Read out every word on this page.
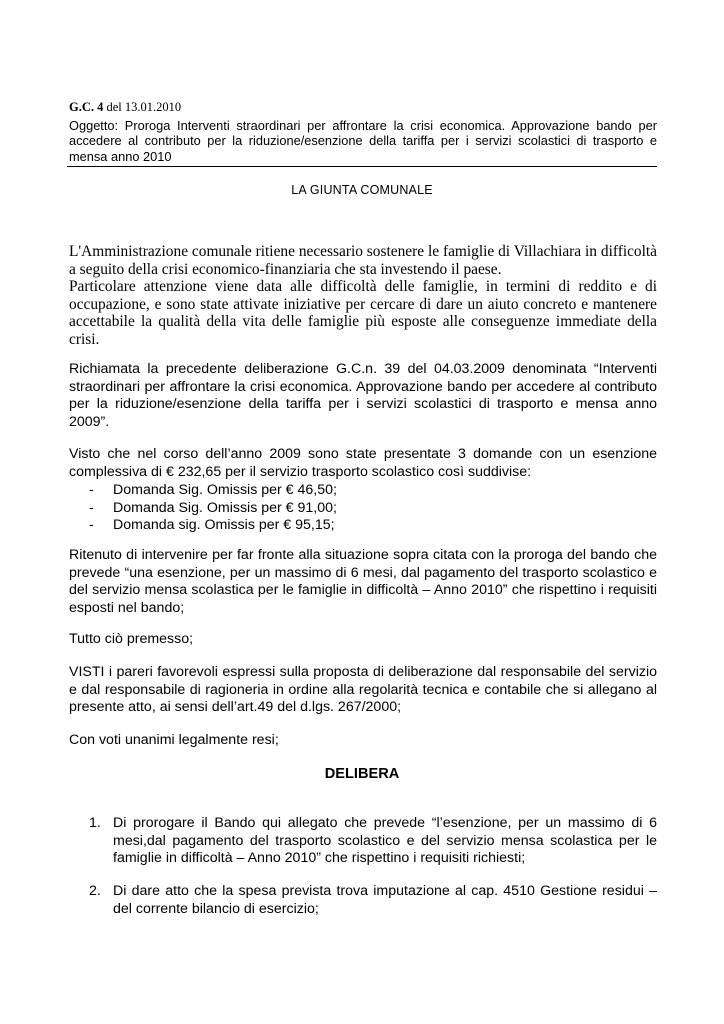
G.C. 4 del 13.01.2010
Oggetto: Proroga Interventi straordinari per affrontare la crisi economica. Approvazione bando per accedere al contributo per la riduzione/esenzione della tariffa per i servizi scolastici di trasporto e mensa anno 2010
LA GIUNTA COMUNALE
L'Amministrazione comunale ritiene necessario sostenere le famiglie di Villachiara in difficoltà a seguito della crisi economico-finanziaria che sta investendo il paese.
Particolare attenzione viene data alle difficoltà delle famiglie, in termini di reddito e di occupazione, e sono state attivate iniziative per cercare di dare un aiuto concreto e mantenere accettabile la qualità della vita delle famiglie più esposte alle conseguenze immediate della crisi.
Richiamata la precedente deliberazione G.C.n. 39 del 04.03.2009 denominata “Interventi straordinari per affrontare la crisi economica. Approvazione bando per accedere al contributo per la riduzione/esenzione della tariffa per i servizi scolastici di trasporto e mensa anno 2009”.
Visto che nel corso dell’anno 2009 sono state presentate 3 domande con un esenzione complessiva di € 232,65 per il servizio trasporto scolastico così suddivise:
- Domanda Sig. Omissis per € 46,50;
- Domanda Sig. Omissis per € 91,00;
- Domanda sig. Omissis per € 95,15;
Ritenuto di intervenire per far fronte alla situazione sopra citata con la proroga del bando che prevede “una esenzione, per un massimo di 6 mesi, dal pagamento del trasporto scolastico e del servizio mensa scolastica per le famiglie in difficoltà – Anno 2010” che rispettino i requisiti esposti nel bando;
Tutto ciò premesso;
VISTI i pareri favorevoli espressi sulla proposta di deliberazione dal responsabile del servizio e dal responsabile di ragioneria in ordine alla regolarità tecnica e contabile che si allegano al presente atto, ai sensi dell’art.49 del d.lgs. 267/2000;
Con voti unanimi legalmente resi;
DELIBERA
1. Di prorogare il Bando qui allegato che prevede “l’esenzione, per un massimo di 6 mesi,dal pagamento del trasporto scolastico e del servizio mensa scolastica per le famiglie in difficoltà – Anno 2010” che rispettino i requisiti richiesti;
2. Di dare atto che la spesa prevista trova imputazione al cap. 4510 Gestione residui – del corrente bilancio di esercizio;
